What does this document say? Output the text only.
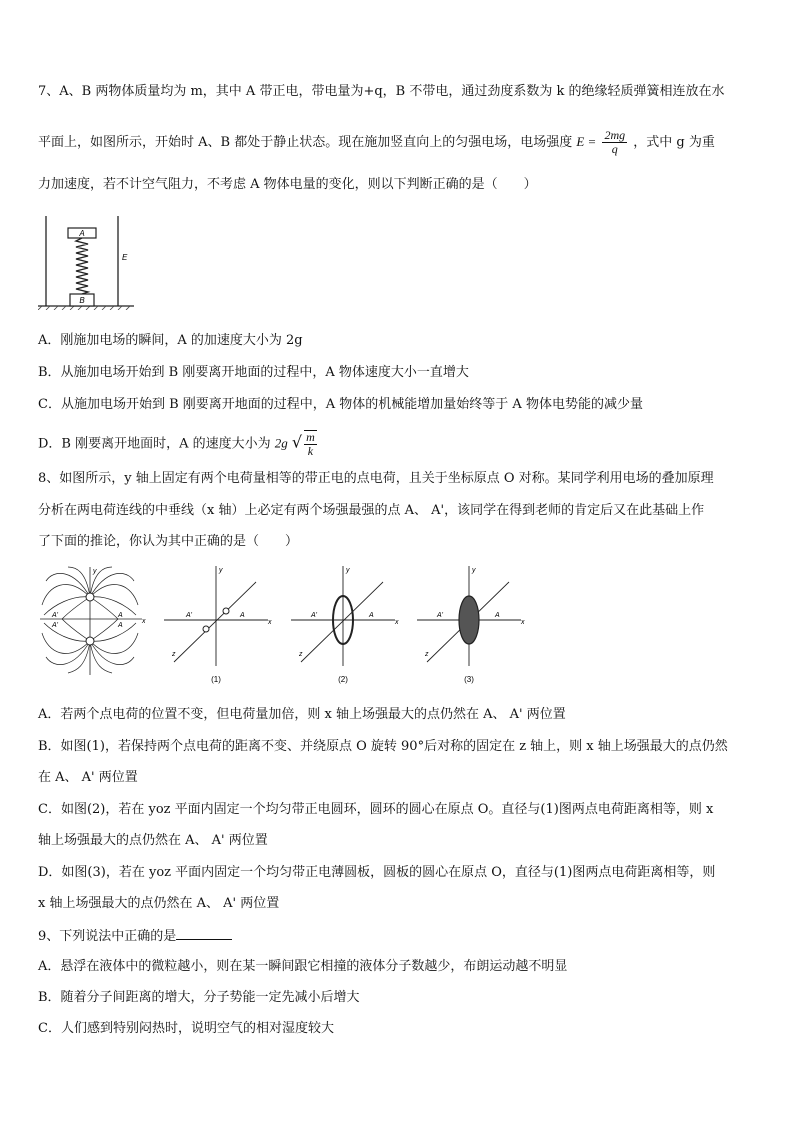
7、A、B 两物体质量均为 m，其中 A 带正电，带电量为+q，B 不带电，通过劲度系数为 k 的绝缘轻质弹簧相连放在水
平面上，如图所示，开始时 A、B 都处于静止状态。现在施加竖直向上的匀强电场，电场强度 $E = \frac{2mg}{q}$ ，式中 g 为重
力加速度，若不计空气阻力，不考虑 A 物体电量的变化，则以下判断正确的是（　　）
A
B
E
A．刚施加电场的瞬间，A 的加速度大小为 2g
B．从施加电场开始到 B 刚要离开地面的过程中，A 物体速度大小一直增大
C．从施加电场开始到 B 刚要离开地面的过程中，A 物体的机械能增加量始终等于 A 物体电势能的减少量
D．B 刚要离开地面时，A 的速度大小为 2g √ $\frac{m}{k}$
8、如图所示，y 轴上固定有两个电荷量相等的带正电的点电荷，且关于坐标原点 O 对称。某同学利用电场的叠加原理
分析在两电荷连线的中垂线（x 轴）上必定有两个场强最强的点 A、 A'，该同学在得到老师的肯定后又在此基础上作
了下面的推论，你认为其中正确的是（　　）
x
y
A'	A
A'	A	x
y
z
A'	A
(1)
x
y
z
A'	A
(2)
x
y
z
A'	A
(3)
A．若两个点电荷的位置不变，但电荷量加倍，则 x 轴上场强最大的点仍然在 A、 A' 两位置
B．如图(1)，若保持两个点电荷的距离不变、并绕原点 O 旋转 90°后对称的固定在 z 轴上，则 x 轴上场强最大的点仍然
在 A、 A' 两位置
C．如图(2)，若在 yoz 平面内固定一个均匀带正电圆环，圆环的圆心在原点 O。直径与(1)图两点电荷距离相等，则 x
轴上场强最大的点仍然在 A、 A' 两位置
D．如图(3)，若在 yoz 平面内固定一个均匀带正电薄圆板，圆板的圆心在原点 O，直径与(1)图两点电荷距离相等，则
x 轴上场强最大的点仍然在 A、 A' 两位置
9、下列说法中正确的是
A．悬浮在液体中的微粒越小，则在某一瞬间跟它相撞的液体分子数越少，布朗运动越不明显
B．随着分子间距离的增大，分子势能一定先减小后增大
C．人们感到特别闷热时，说明空气的相对湿度较大
